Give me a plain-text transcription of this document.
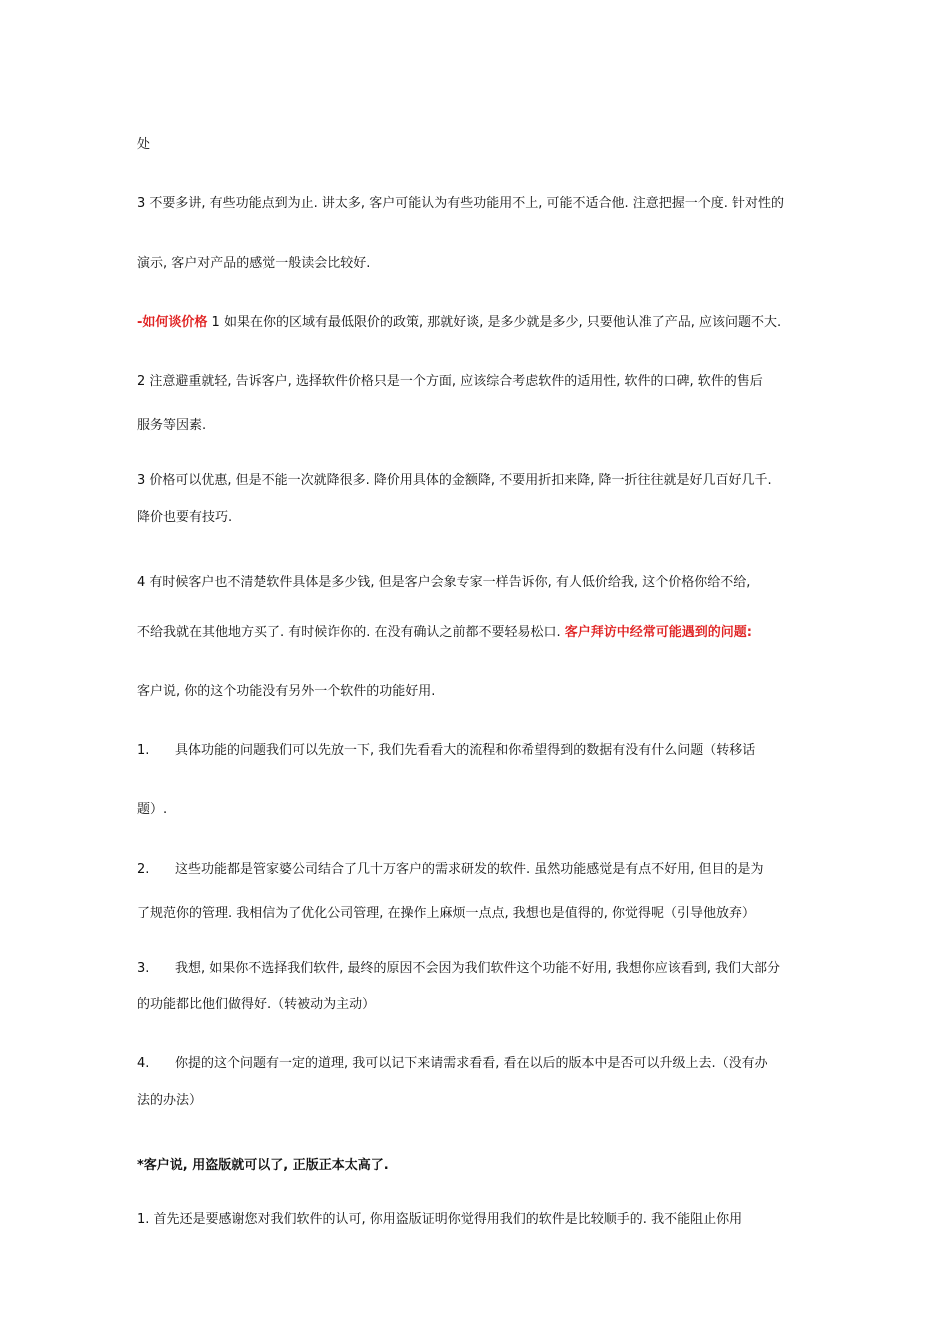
处
3 不要多讲, 有些功能点到为止. 讲太多, 客户可能认为有些功能用不上, 可能不适合他. 注意把握一个度. 针对性的
演示, 客户对产品的感觉一般读会比较好.
-如何谈价格 1 如果在你的区域有最低限价的政策, 那就好谈, 是多少就是多少, 只要他认准了产品, 应该问题不大.
2 注意避重就轻, 告诉客户, 选择软件价格只是一个方面, 应该综合考虑软件的适用性, 软件的口碑, 软件的售后
服务等因素.
3 价格可以优惠, 但是不能一次就降很多. 降价用具体的金额降, 不要用折扣来降, 降一折往往就是好几百好几千.
降价也要有技巧.
4 有时候客户也不清楚软件具体是多少钱, 但是客户会象专家一样告诉你, 有人低价给我, 这个价格你给不给,
不给我就在其他地方买了. 有时候诈你的. 在没有确认之前都不要轻易松口. 客户拜访中经常可能遇到的问题:
客户说, 你的这个功能没有另外一个软件的功能好用.
1. 具体功能的问题我们可以先放一下, 我们先看看大的流程和你希望得到的数据有没有什么问题（转移话
题）.
2. 这些功能都是管家婆公司结合了几十万客户的需求研发的软件. 虽然功能感觉是有点不好用, 但目的是为
了规范你的管理. 我相信为了优化公司管理, 在操作上麻烦一点点, 我想也是值得的, 你觉得呢（引导他放弃）
3. 我想, 如果你不选择我们软件, 最终的原因不会因为我们软件这个功能不好用, 我想你应该看到, 我们大部分
的功能都比他们做得好.（转被动为主动）
4. 你提的这个问题有一定的道理, 我可以记下来请需求看看, 看在以后的版本中是否可以升级上去.（没有办
法的办法）
*客户说, 用盗版就可以了, 正版正本太高了.
1. 首先还是要感谢您对我们软件的认可, 你用盗版证明你觉得用我们的软件是比较顺手的. 我不能阻止你用
